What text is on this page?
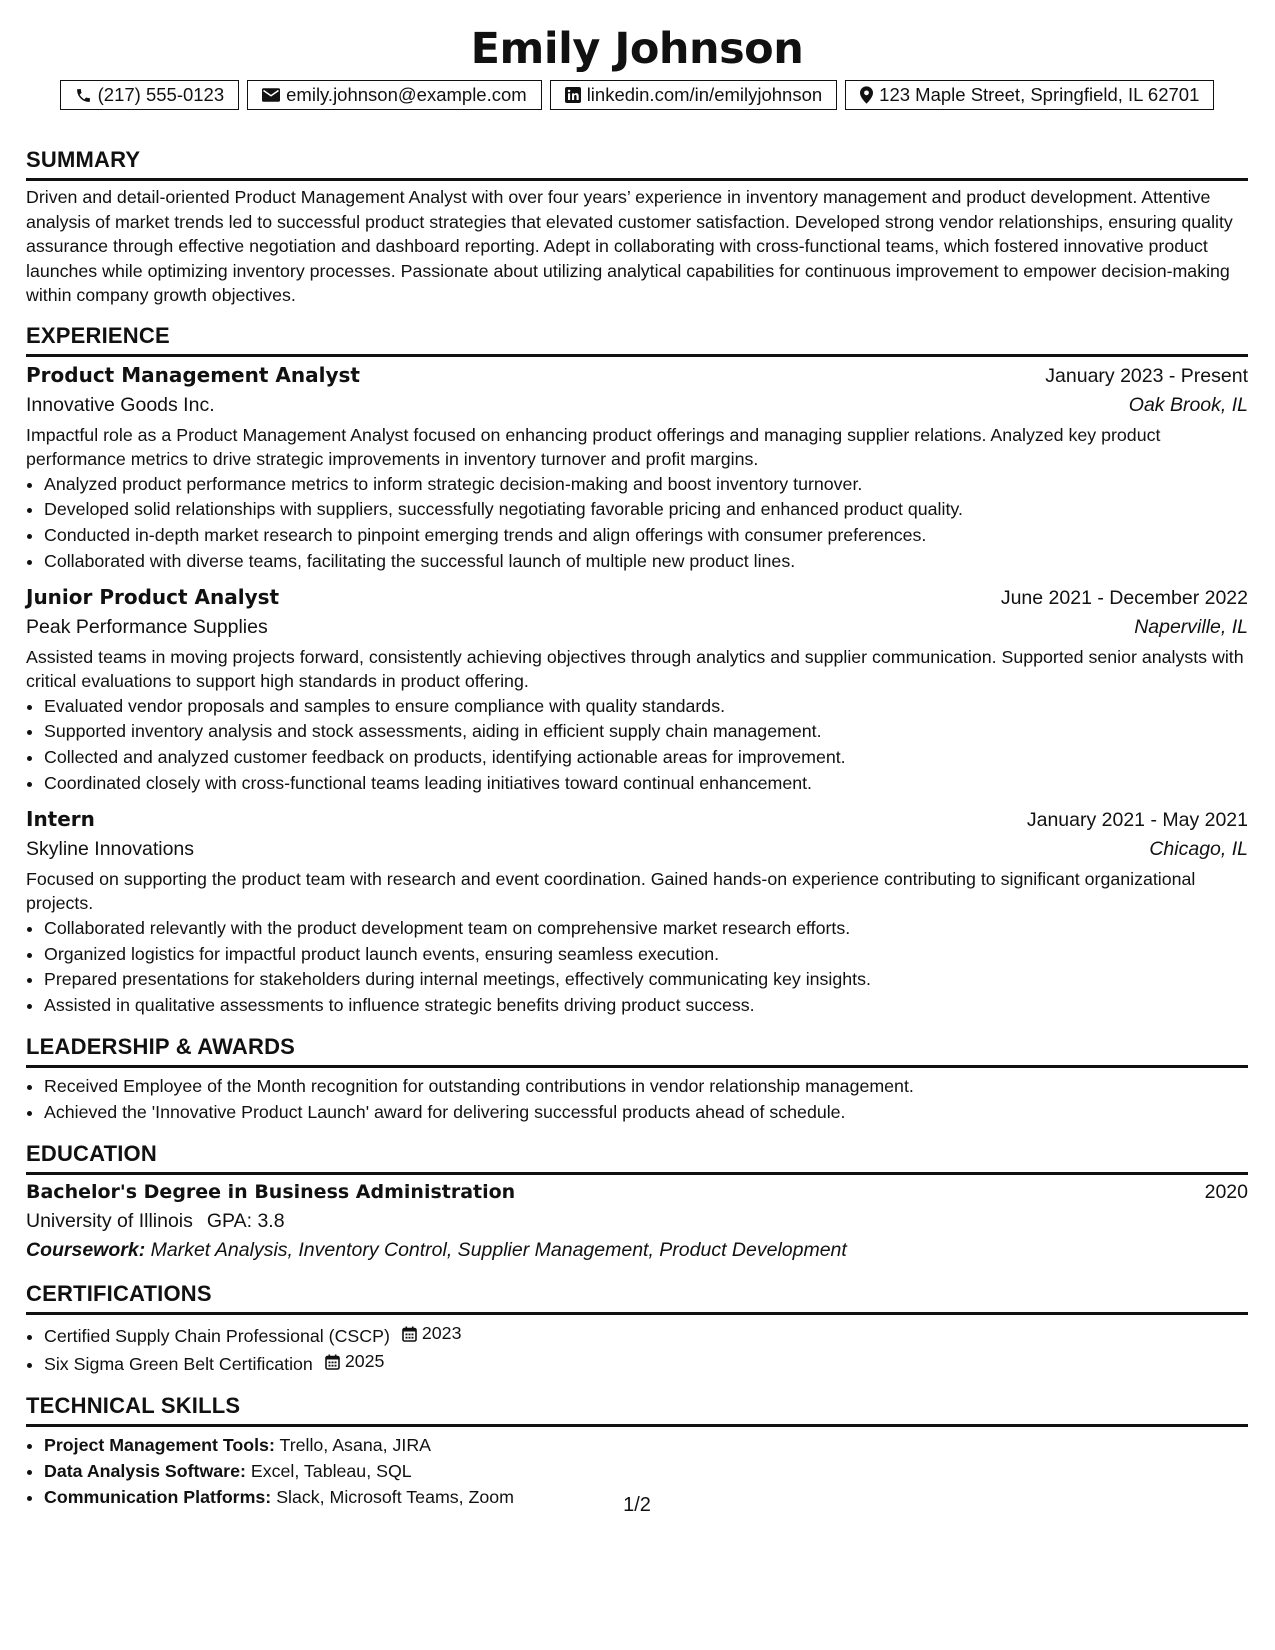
Emily Johnson
(217) 555-0123	emily.johnson@example.com	linkedin.com/in/emilyjohnson	123 Maple Street, Springfield, IL 62701
SUMMARY

Driven and detail-oriented Product Management Analyst with over four years’ experience in inventory management and product development. Attentive analysis of market trends led to successful product strategies that elevated customer satisfaction. Developed strong vendor relationships, ensuring quality assurance through effective negotiation and dashboard reporting. Adept in collaborating with cross-functional teams, which fostered innovative product launches while optimizing inventory processes. Passionate about utilizing analytical capabilities for continuous improvement to empower decision-making within company growth objectives.

EXPERIENCE
Product Management Analyst	January 2023 - Present
Innovative Goods Inc.	Oak Brook, IL

Impactful role as a Product Management Analyst focused on enhancing product offerings and managing supplier relations. Analyzed key product performance metrics to drive strategic improvements in inventory turnover and profit margins.

• Analyzed product performance metrics to inform strategic decision-making and boost inventory turnover.
• Developed solid relationships with suppliers, successfully negotiating favorable pricing and enhanced product quality.
• Conducted in-depth market research to pinpoint emerging trends and align offerings with consumer preferences.
• Collaborated with diverse teams, facilitating the successful launch of multiple new product lines.
Junior Product Analyst	June 2021 - December 2022
Peak Performance Supplies	Naperville, IL

Assisted teams in moving projects forward, consistently achieving objectives through analytics and supplier communication. Supported senior analysts with critical evaluations to support high standards in product offering.

• Evaluated vendor proposals and samples to ensure compliance with quality standards.
• Supported inventory analysis and stock assessments, aiding in efficient supply chain management.
• Collected and analyzed customer feedback on products, identifying actionable areas for improvement.
• Coordinated closely with cross-functional teams leading initiatives toward continual enhancement.
Intern	January 2021 - May 2021
Skyline Innovations	Chicago, IL

Focused on supporting the product team with research and event coordination. Gained hands-on experience contributing to significant organizational projects.

• Collaborated relevantly with the product development team on comprehensive market research efforts.
• Organized logistics for impactful product launch events, ensuring seamless execution.
• Prepared presentations for stakeholders during internal meetings, effectively communicating key insights.
• Assisted in qualitative assessments to influence strategic benefits driving product success.
LEADERSHIP & AWARDS
• Received Employee of the Month recognition for outstanding contributions in vendor relationship management.
• Achieved the 'Innovative Product Launch' award for delivering successful products ahead of schedule.
EDUCATION
Bachelor's Degree in Business Administration	2020
University of Illinois GPA: 3.8
Coursework: Market Analysis, Inventory Control, Supplier Management, Product Development
CERTIFICATIONS
• Certified Supply Chain Professional (CSCP) 2023
• Six Sigma Green Belt Certification 2025
TECHNICAL SKILLS
• Project Management Tools: Trello, Asana, JIRA
• Data Analysis Software: Excel, Tableau, SQL
• Communication Platforms: Slack, Microsoft Teams, Zoom	1/2
